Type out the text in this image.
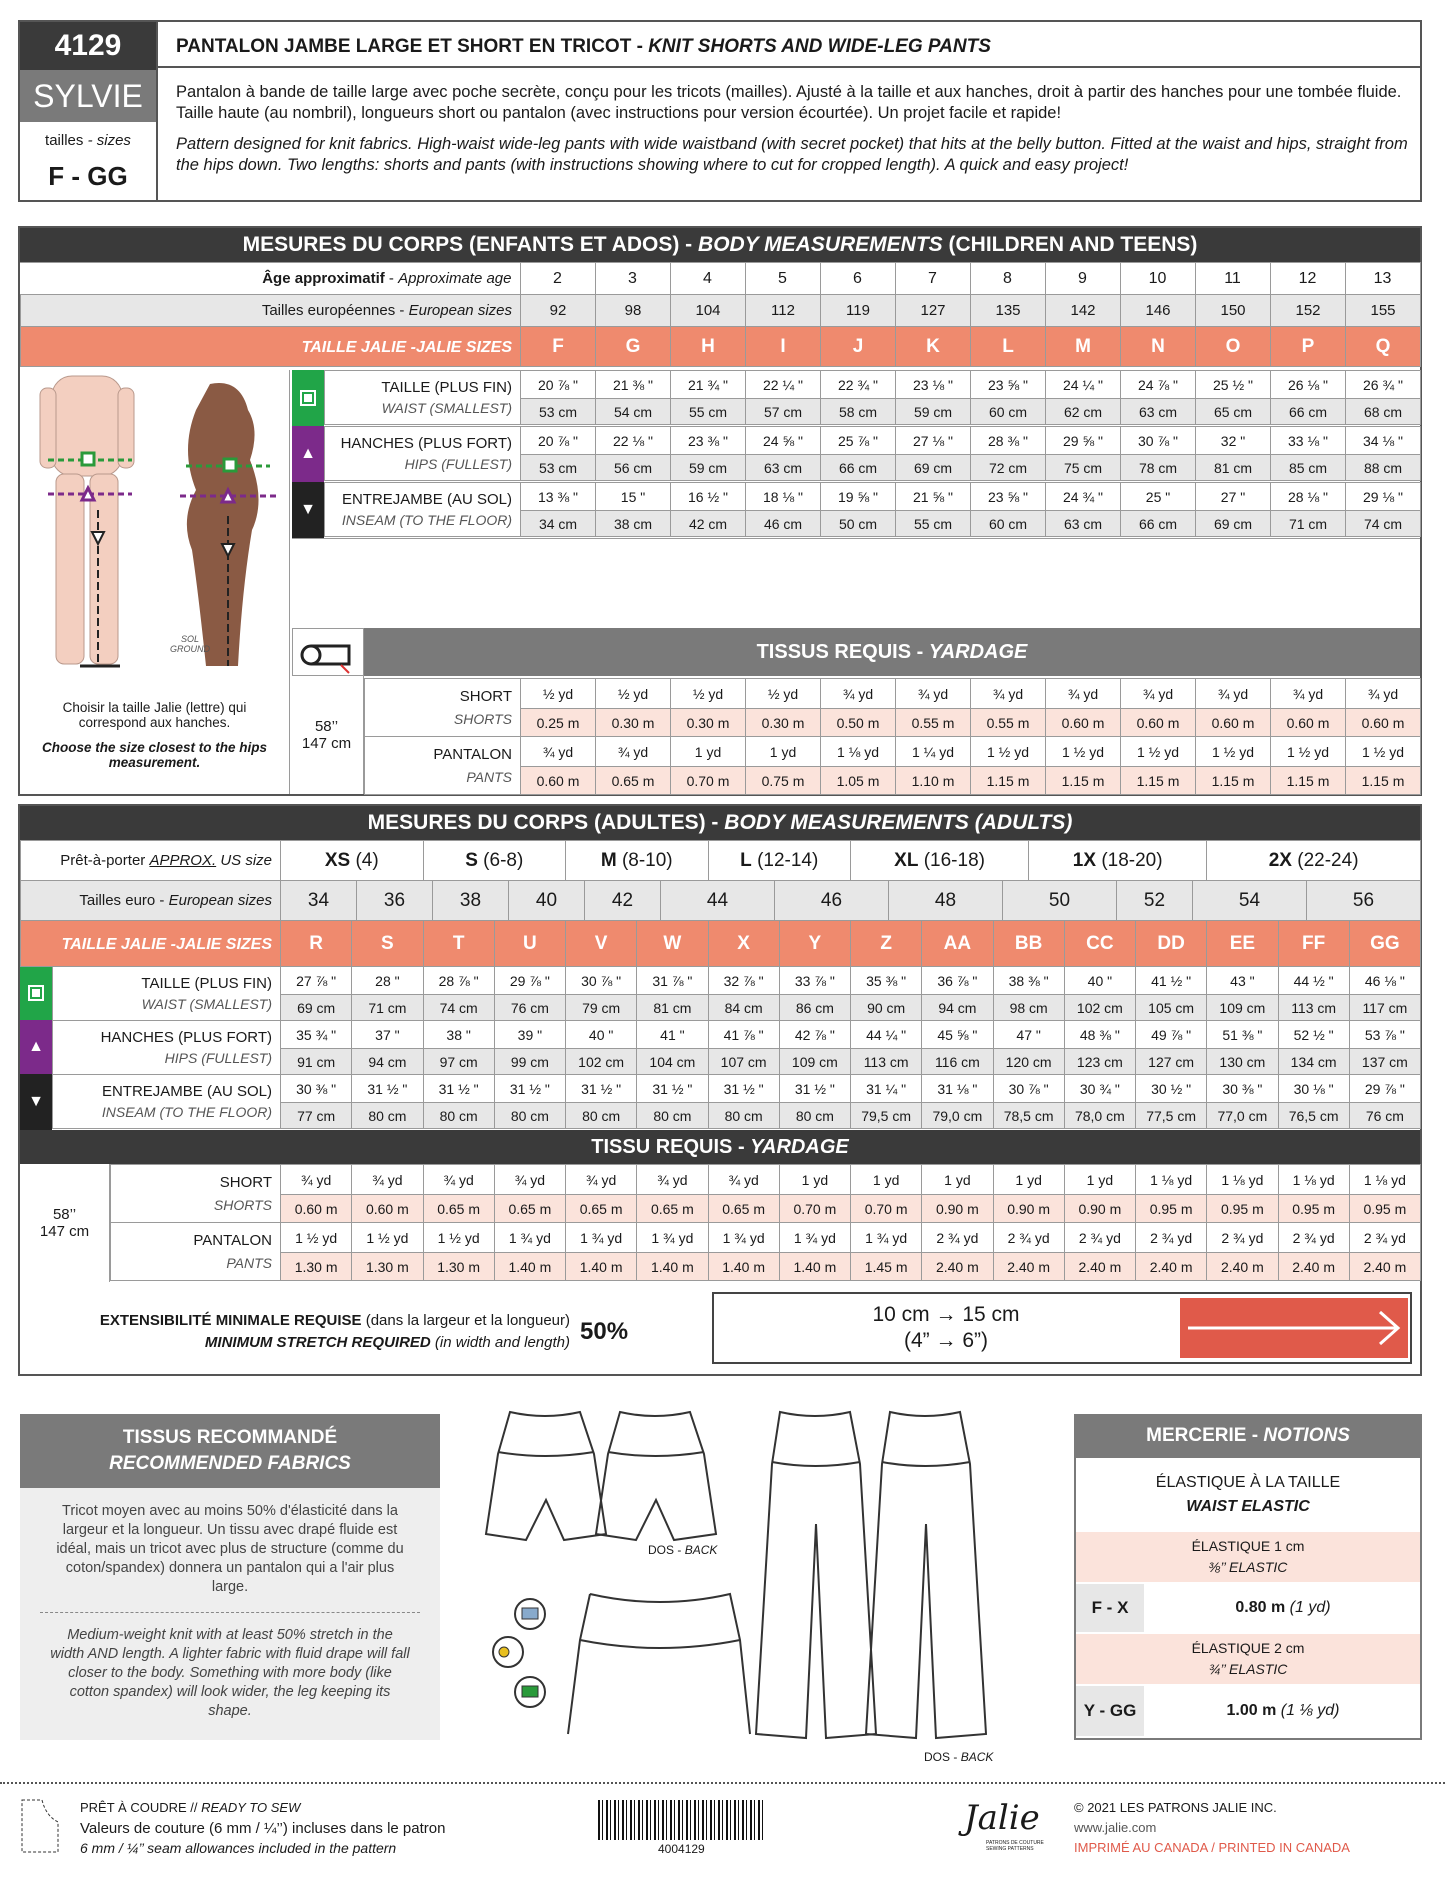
4129
SYLVIE
tailles - sizes
F - GG
PANTALON JAMBE LARGE ET SHORT EN TRICOT - KNIT SHORTS AND WIDE-LEG PANTS
Pantalon à bande de taille large avec poche secrète, conçu pour les tricots (mailles). Ajusté à la taille et aux hanches, droit à partir des hanches pour une tombée fluide. Taille haute (au nombril), longueurs short ou pantalon (avec instructions pour version écourtée). Un projet facile et rapide!
Pattern designed for knit fabrics. High-waist wide-leg pants with wide waistband (with secret pocket) that hits at the belly button. Fitted at the waist and hips, straight from the hips down. Two lengths: shorts and pants (with instructions showing where to cut for cropped length). A quick and easy project!
MESURES DU CORPS (ENFANTS ET ADOS) -
BODY MEASUREMENTS
(CHILDREN AND TEENS)
Âge approximatif - Approximate age	2	3	4	5	6	7	8	9	10	11	12	13
Tailles européennes - European sizes	92	98	104	112	119	127	135	142	146	150	152	155
TAILLE JALIE -JALIE SIZES	F	G	H	I	J	K	L	M	N	O	P	Q
SOL
GROUND
▲
▼
TISSUS REQUIS -
YARDAGE
Choisir la taille Jalie (lettre) qui correspond aux hanches.
Choose the size closest to the hips measurement.
58’’
147 cm
MESURES DU CORPS (ADULTES) -
BODY MEASUREMENTS (ADULTS)
▲
▼
TISSU REQUIS -
YARDAGE
58’’
147 cm
EXTENSIBILITÉ MINIMALE REQUISE (dans la largeur et la longueur)
MINIMUM STRETCH REQUIRED (in width and length) 50%
10 cm → 15 cm
(4” → 6”)
TISSUS RECOMMANDÉ
RECOMMENDED FABRICS
Tricot moyen avec au moins 50% d'élasticité dans la largeur et la longueur. Un tissu avec drapé fluide est idéal, mais un tricot avec plus de structure (comme du coton/spandex) donnera un pantalon qui a l'air plus large.
Medium-weight knit with at least 50% stretch in the width AND length. A lighter fabric with fluid drape will fall closer to the body. Something with more body (like cotton spandex) will look wider, the leg keeping its shape.
DOS - BACK
DOS - BACK
MERCERIE -
NOTIONS
ÉLASTIQUE À LA TAILLE
WAIST ELASTIC
ÉLASTIQUE 1 cm
⅜’’ ELASTIC
F - X	0.80 m
(1 yd)
ÉLASTIQUE 2 cm
¾’’ ELASTIC
Y - GG	1.00 m
(1 ⅛ yd)
PRÊT À COUDRE // READY TO SEW
Valeurs de couture (6 mm / ¼’’) incluses dans le patron
6 mm / ¼’’ seam allowances included in the pattern	4004129
Jalie
PATRONS DE COUTURE SEWING PATTERNS
© 2021 LES PATRONS JALIE INC.
www.jalie.com
IMPRIMÉ AU CANADA / PRINTED IN CANADA
TAILLE (PLUS FIN)
WAIST (SMALLEST)	20 ⅞ "	21 ⅜ "	21 ¾ "	22 ¼ "	22 ¾ "	23 ⅛ "	23 ⅝ "	24 ¼ "	24 ⅞ "	25 ½ "	26 ⅛ "	26 ¾ "
	53 cm	54 cm	55 cm	57 cm	58 cm	59 cm	60 cm	62 cm	63 cm	65 cm	66 cm	68 cm
HANCHES (PLUS FORT)
HIPS (FULLEST)	20 ⅞ "	22 ⅛ "	23 ⅜ "	24 ⅝ "	25 ⅞ "	27 ⅛ "	28 ⅜ "	29 ⅝ "	30 ⅞ "	32 "	33 ⅛ "	34 ⅛ "
	53 cm	56 cm	59 cm	63 cm	66 cm	69 cm	72 cm	75 cm	78 cm	81 cm	85 cm	88 cm
ENTREJAMBE (AU SOL)
INSEAM (TO THE FLOOR)	13 ⅜ "	15 "	16 ½ "	18 ⅛ "	19 ⅝ "	21 ⅝ "	23 ⅝ "	24 ¾ "	25 "	27 "	28 ⅛ "	29 ⅛ "
	34 cm	38 cm	42 cm	46 cm	50 cm	55 cm	60 cm	63 cm	66 cm	69 cm	71 cm	74 cm
SHORT
SHORTS	½ yd	½ yd	½ yd	½ yd	¾ yd	¾ yd	¾ yd	¾ yd	¾ yd	¾ yd	¾ yd	¾ yd
	0.25 m	0.30 m	0.30 m	0.30 m	0.50 m	0.55 m	0.55 m	0.60 m	0.60 m	0.60 m	0.60 m	0.60 m
PANTALON
PANTS	¾ yd	¾ yd	1 yd	1 yd	1 ⅛ yd	1 ¼ yd	1 ½ yd	1 ½ yd	1 ½ yd	1 ½ yd	1 ½ yd	1 ½ yd
	0.60 m	0.65 m	0.70 m	0.75 m	1.05 m	1.10 m	1.15 m	1.15 m	1.15 m	1.15 m	1.15 m	1.15 m
Prêt-à-porter APPROX. US size	XS (4)	S (6-8)	M (8-10)	L (12-14)	XL (16-18)	1X (18-20)	2X (22-24)
Tailles euro - European sizes	34	36	38	40	42	44	46	48	50	52	54	56
TAILLE JALIE -JALIE SIZES	R	S	T	U	V	W	X	Y	Z	AA	BB	CC	DD	EE	FF	GG
TAILLE (PLUS FIN)
WAIST (SMALLEST)	27 ⅞ "	28 "	28 ⅞ "	29 ⅞ "	30 ⅞ "	31 ⅞ "	32 ⅞ "	33 ⅞ "	35 ⅜ "	36 ⅞ "	38 ⅜ "	40 "	41 ½ "	43 "	44 ½ "	46 ⅛ "
	69 cm	71 cm	74 cm	76 cm	79 cm	81 cm	84 cm	86 cm	90 cm	94 cm	98 cm	102 cm	105 cm	109 cm	113 cm	117 cm
HANCHES (PLUS FORT)
HIPS (FULLEST)	35 ¾ "	37 "	38 "	39 "	40 "	41 "	41 ⅞ "	42 ⅞ "	44 ¼ "	45 ⅝ "	47 "	48 ⅜ "	49 ⅞ "	51 ⅜ "	52 ½ "	53 ⅞ "
	91 cm	94 cm	97 cm	99 cm	102 cm	104 cm	107 cm	109 cm	113 cm	116 cm	120 cm	123 cm	127 cm	130 cm	134 cm	137 cm
ENTREJAMBE (AU SOL)
INSEAM (TO THE FLOOR)	30 ⅜ "	31 ½ "	31 ½ "	31 ½ "	31 ½ "	31 ½ "	31 ½ "	31 ½ "	31 ¼ "	31 ⅛ "	30 ⅞ "	30 ¾ "	30 ½ "	30 ⅜ "	30 ⅛ "	29 ⅞ "
	77 cm	80 cm	80 cm	80 cm	80 cm	80 cm	80 cm	80 cm	79,5 cm	79,0 cm	78,5 cm	78,0 cm	77,5 cm	77,0 cm	76,5 cm	76 cm
SHORT
SHORTS	¾ yd	¾ yd	¾ yd	¾ yd	¾ yd	¾ yd	¾ yd	1 yd	1 yd	1 yd	1 yd	1 yd	1 ⅛ yd	1 ⅛ yd	1 ⅛ yd	1 ⅛ yd
	0.60 m	0.60 m	0.65 m	0.65 m	0.65 m	0.65 m	0.65 m	0.70 m	0.70 m	0.90 m	0.90 m	0.90 m	0.95 m	0.95 m	0.95 m	0.95 m
PANTALON
PANTS	1 ½ yd	1 ½ yd	1 ½ yd	1 ¾ yd	1 ¾ yd	1 ¾ yd	1 ¾ yd	1 ¾ yd	1 ¾ yd	2 ¾ yd	2 ¾ yd	2 ¾ yd	2 ¾ yd	2 ¾ yd	2 ¾ yd	2 ¾ yd
	1.30 m	1.30 m	1.30 m	1.40 m	1.40 m	1.40 m	1.40 m	1.40 m	1.45 m	2.40 m	2.40 m	2.40 m	2.40 m	2.40 m	2.40 m	2.40 m
